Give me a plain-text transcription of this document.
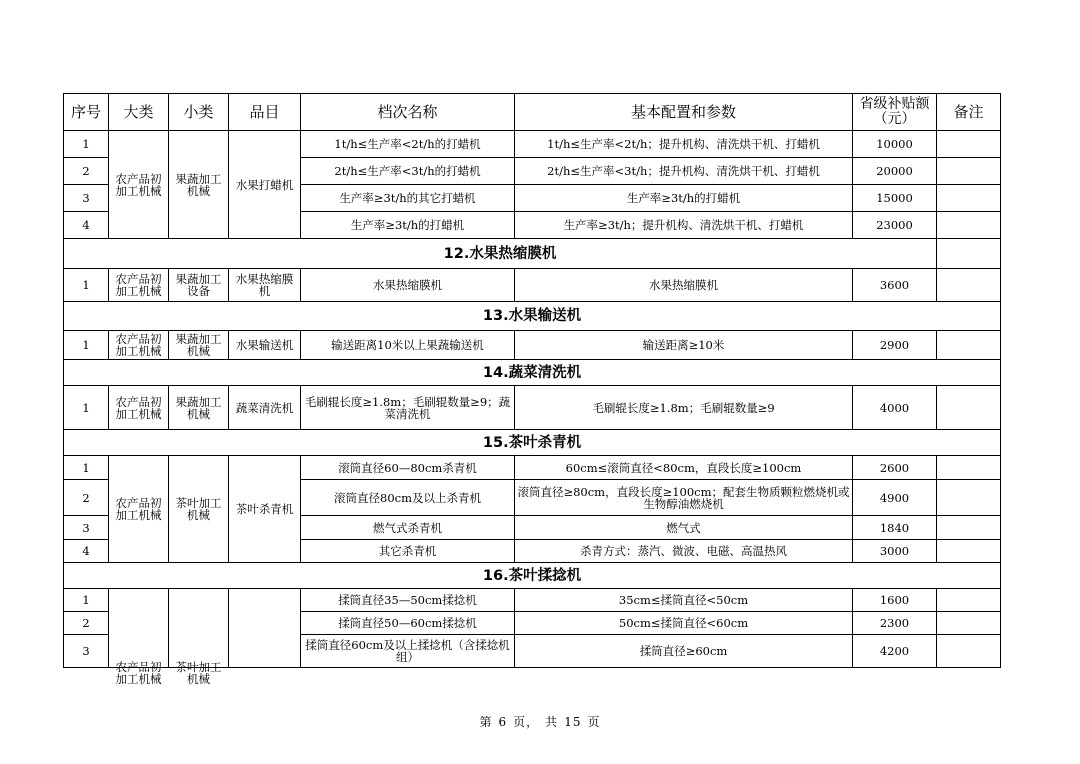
序号	大类	小类	品目	档次名称	基本配置和参数	省级补贴额（元）	备注
1	农产品初加工机械	果蔬加工机械	水果打蜡机	1t/h≤生产率<2t/h的打蜡机	1t/h≤生产率<2t/h；提升机构、清洗烘干机、打蜡机	10000	
2				2t/h≤生产率<3t/h的打蜡机	2t/h≤生产率<3t/h；提升机构、清洗烘干机、打蜡机	20000	
3				生产率≥3t/h的其它打蜡机	生产率≥3t/h的打蜡机	15000	
4				生产率≥3t/h的打蜡机	生产率≥3t/h；提升机构、清洗烘干机、打蜡机	23000	
12.水果热缩膜机							
1	农产品初加工机械	果蔬加工设备	水果热缩膜机	水果热缩膜机	水果热缩膜机	3600	
13.水果输送机							
1	农产品初加工机械	果蔬加工机械	水果输送机	输送距离10米以上果蔬输送机	输送距离≥10米	2900	
14.蔬菜清洗机							
1	农产品初加工机械	果蔬加工机械	蔬菜清洗机	毛刷辊长度≥1.8m；毛刷辊数量≥9；蔬菜清洗机	毛刷辊长度≥1.8m；毛刷辊数量≥9	4000	
15.茶叶杀青机							
1	农产品初加工机械	茶叶加工机械	茶叶杀青机	滚筒直径60—80cm杀青机	60cm≤滚筒直径<80cm，直段长度≥100cm	2600	
2				滚筒直径80cm及以上杀青机	滚筒直径≥80cm，直段长度≥100cm；配套生物质颗粒燃烧机或生物醇油燃烧机	4900	
3				燃气式杀青机	燃气式	1840	
4				其它杀青机	杀青方式：蒸汽、微波、电磁、高温热风	3000	
16.茶叶揉捻机							
1	农产品初加工机械	茶叶加工机械		揉筒直径35—50cm揉捻机	35cm≤揉筒直径<50cm	1600	
2				揉筒直径50—60cm揉捻机	50cm≤揉筒直径<60cm	2300	
3				揉筒直径60cm及以上揉捻机（含揉捻机组）	揉筒直径≥60cm	4200	
第 6 页， 共 15 页
